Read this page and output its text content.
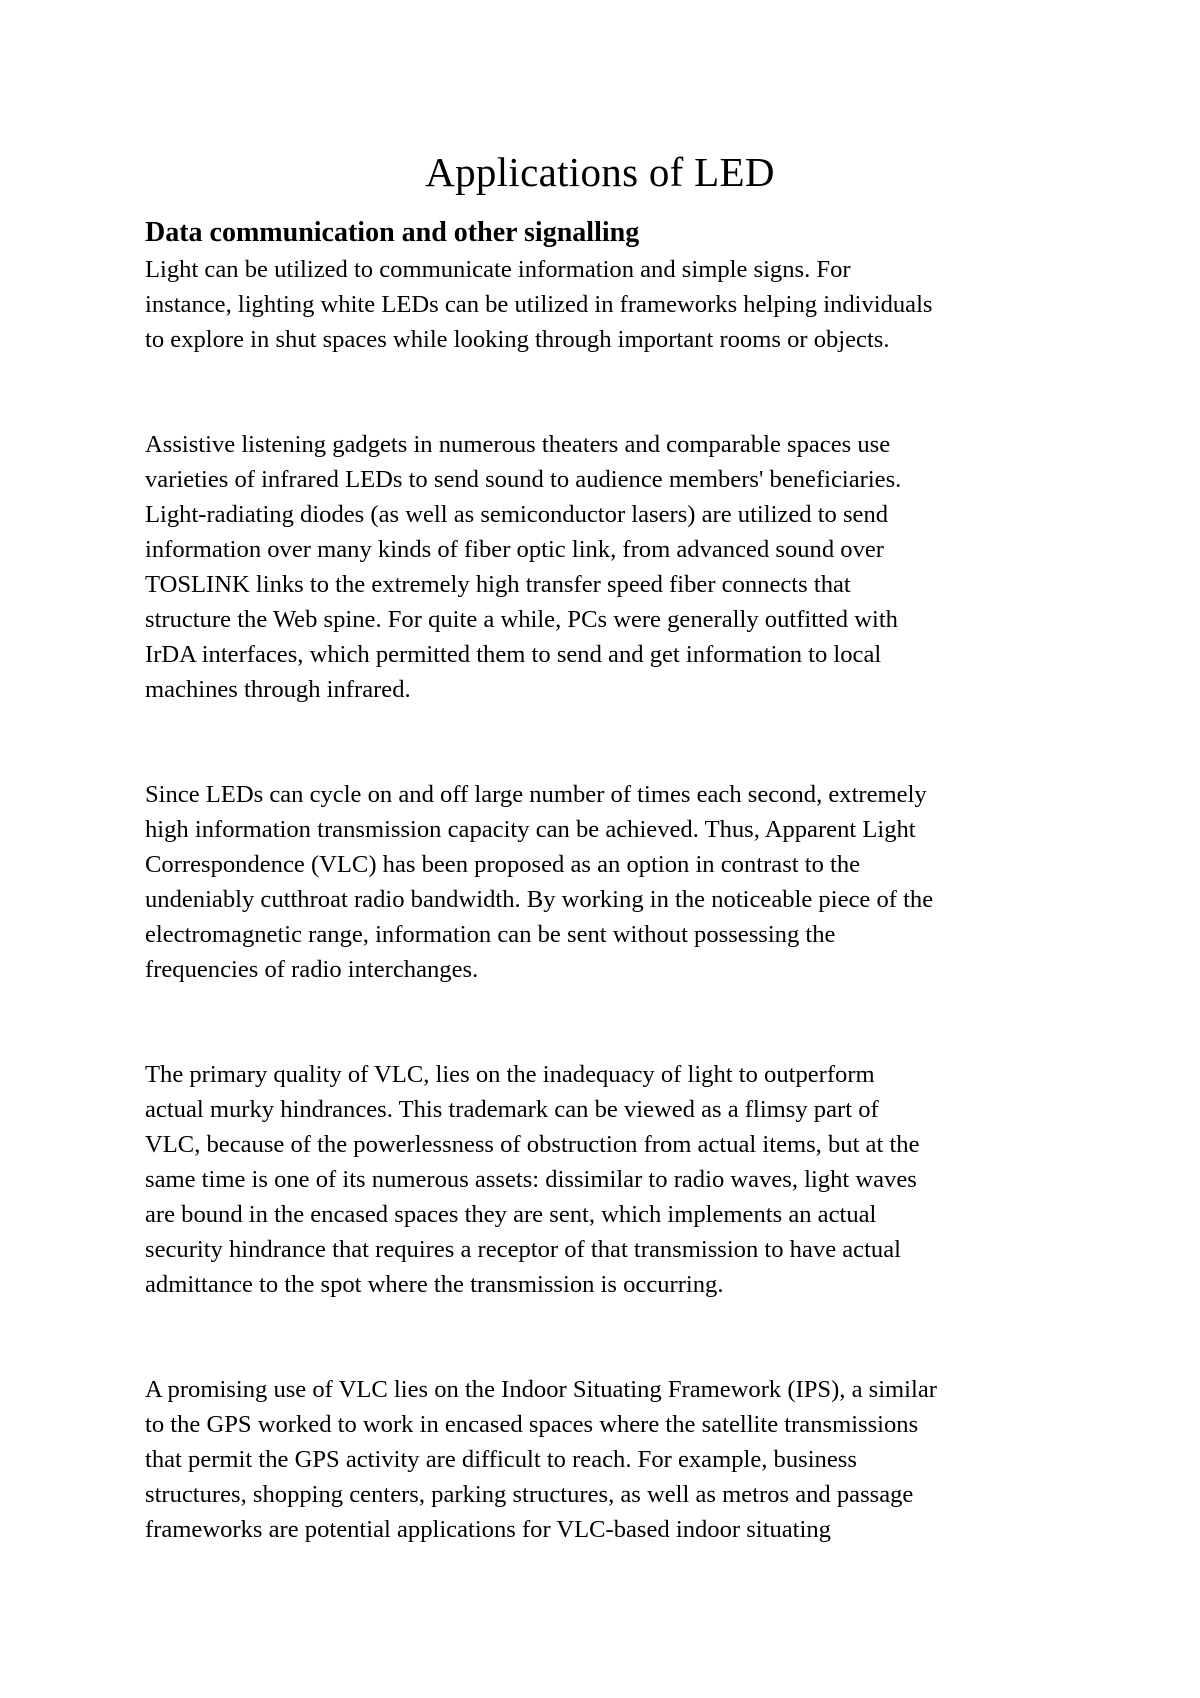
Applications of LED
Data communication and other signalling

Light can be utilized to communicate information and simple signs. For
instance, lighting white LEDs can be utilized in frameworks helping individuals
to explore in shut spaces while looking through important rooms or objects.

Assistive listening gadgets in numerous theaters and comparable spaces use
varieties of infrared LEDs to send sound to audience members' beneficiaries.
Light-radiating diodes (as well as semiconductor lasers) are utilized to send
information over many kinds of fiber optic link, from advanced sound over
TOSLINK links to the extremely high transfer speed fiber connects that
structure the Web spine. For quite a while, PCs were generally outfitted with
IrDA interfaces, which permitted them to send and get information to local
machines through infrared.

Since LEDs can cycle on and off large number of times each second, extremely
high information transmission capacity can be achieved. Thus, Apparent Light
Correspondence (VLC) has been proposed as an option in contrast to the
undeniably cutthroat radio bandwidth. By working in the noticeable piece of the
electromagnetic range, information can be sent without possessing the
frequencies of radio interchanges.

The primary quality of VLC, lies on the inadequacy of light to outperform
actual murky hindrances. This trademark can be viewed as a flimsy part of
VLC, because of the powerlessness of obstruction from actual items, but at the
same time is one of its numerous assets: dissimilar to radio waves, light waves
are bound in the encased spaces they are sent, which implements an actual
security hindrance that requires a receptor of that transmission to have actual
admittance to the spot where the transmission is occurring.

A promising use of VLC lies on the Indoor Situating Framework (IPS), a similar
to the GPS worked to work in encased spaces where the satellite transmissions
that permit the GPS activity are difficult to reach. For example, business
structures, shopping centers, parking structures, as well as metros and passage
frameworks are potential applications for VLC-based indoor situating
